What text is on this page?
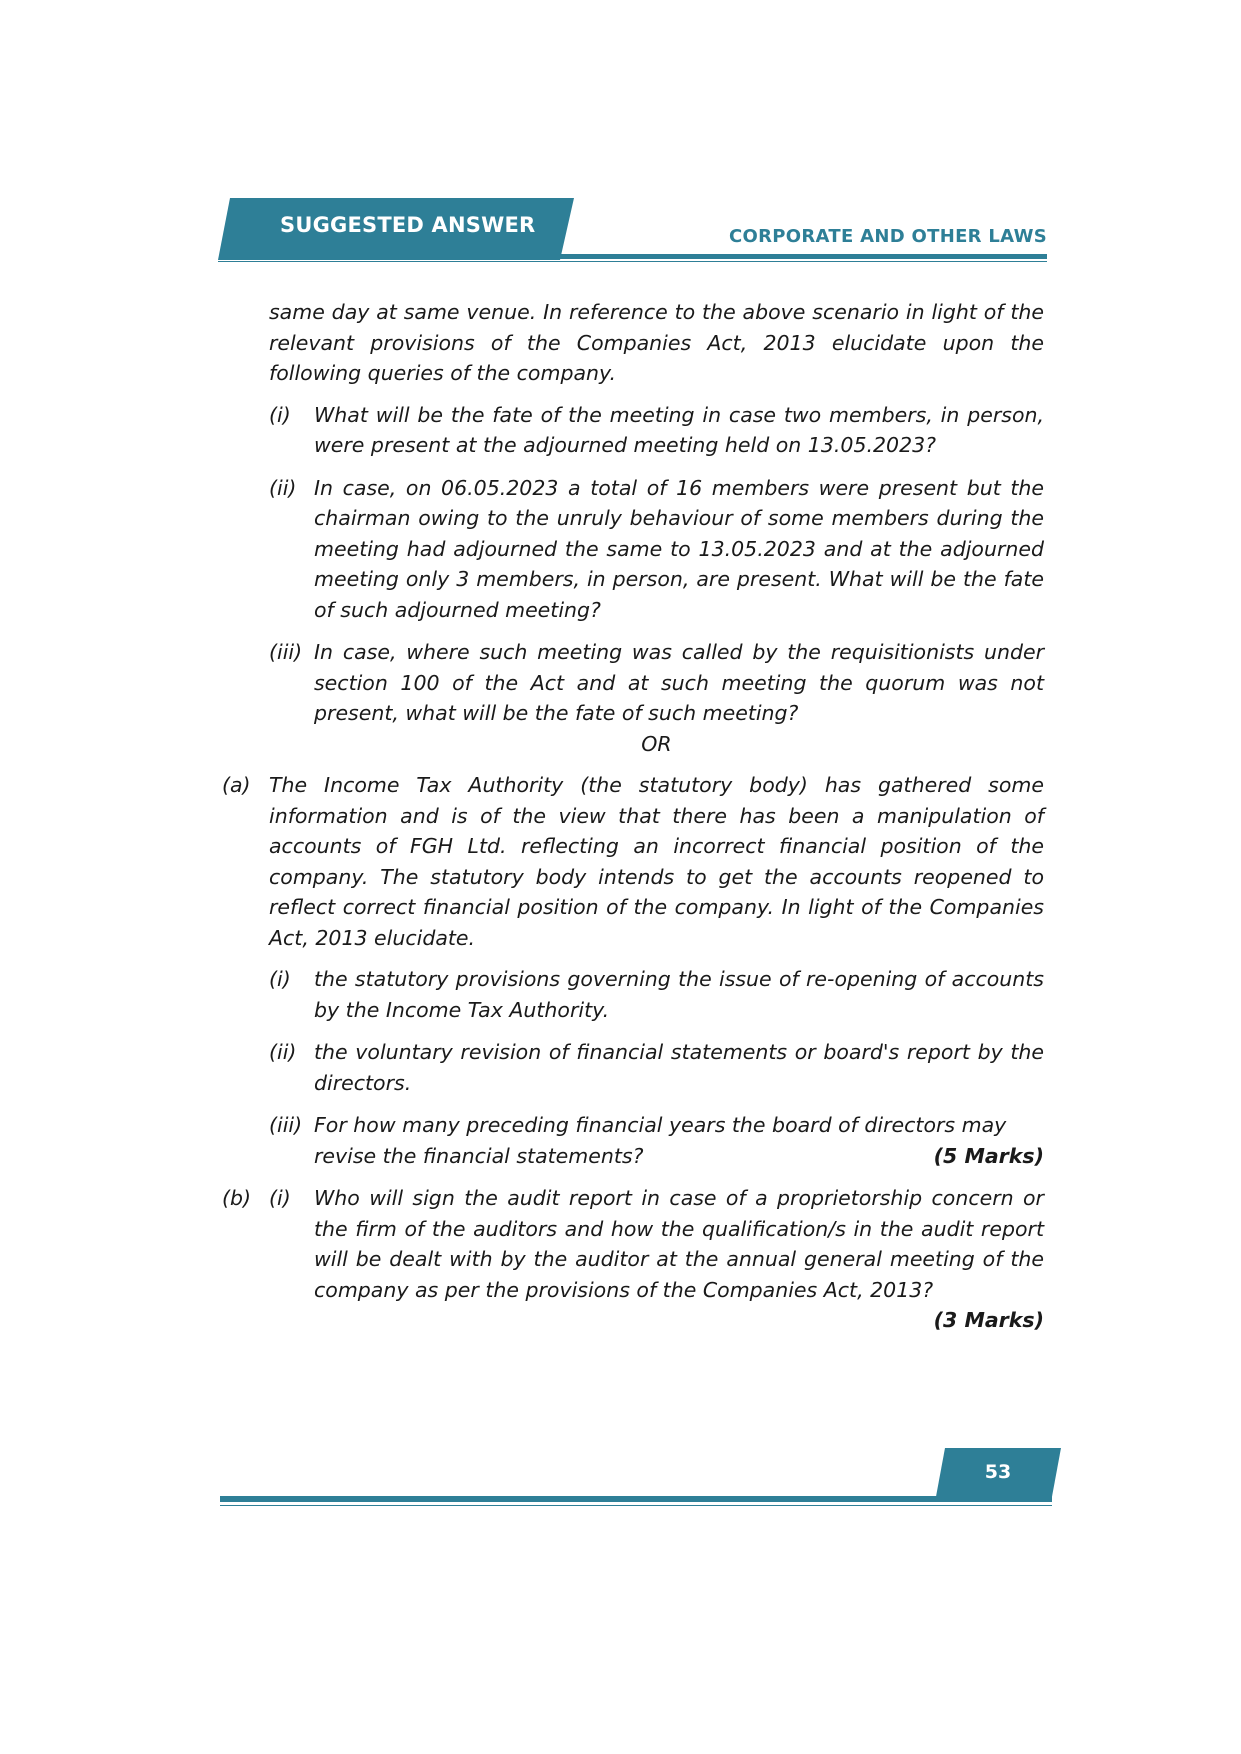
SUGGESTED ANSWER	CORPORATE AND OTHER LAWS

same day at same venue. In reference to the above scenario in light of the relevant provisions of the Companies Act, 2013 elucidate upon the following queries of the company.

(i)	What will be the fate of the meeting in case two members, in person, were present at the adjourned meeting held on 13.05.2023?
(ii) In case, on 06.05.2023 a total of 16 members were present but the chairman owing to the unruly behaviour of some members during the meeting had adjourned the same to 13.05.2023 and at the adjourned meeting only 3 members, in person, are present. What will be the fate of such adjourned meeting?
(iii) In case, where such meeting was called by the requisitionists under section 100 of the Act and at such meeting the quorum was not present, what will be the fate of such meeting?

OR

(a) The Income Tax Authority (the statutory body) has gathered some information and is of the view that there has been a manipulation of accounts of FGH Ltd. reflecting an incorrect financial position of the company. The statutory body intends to get the accounts reopened to reflect correct financial position of the company. In light of the Companies Act, 2013 elucidate.
(i)	the statutory provisions governing the issue of re-opening of accounts by the Income Tax Authority.
(ii) the voluntary revision of financial statements or board's report by the directors.
(iii) For how many preceding financial years the board of directors may
revise the financial statements?	(5 Marks)
(b) (i)	Who will sign the audit report in case of a proprietorship concern or the firm of the auditors and how the qualification/s in the audit report will be dealt with by the auditor at the annual general meeting of the company as per the provisions of the Companies Act, 2013?

(3 Marks)

53
